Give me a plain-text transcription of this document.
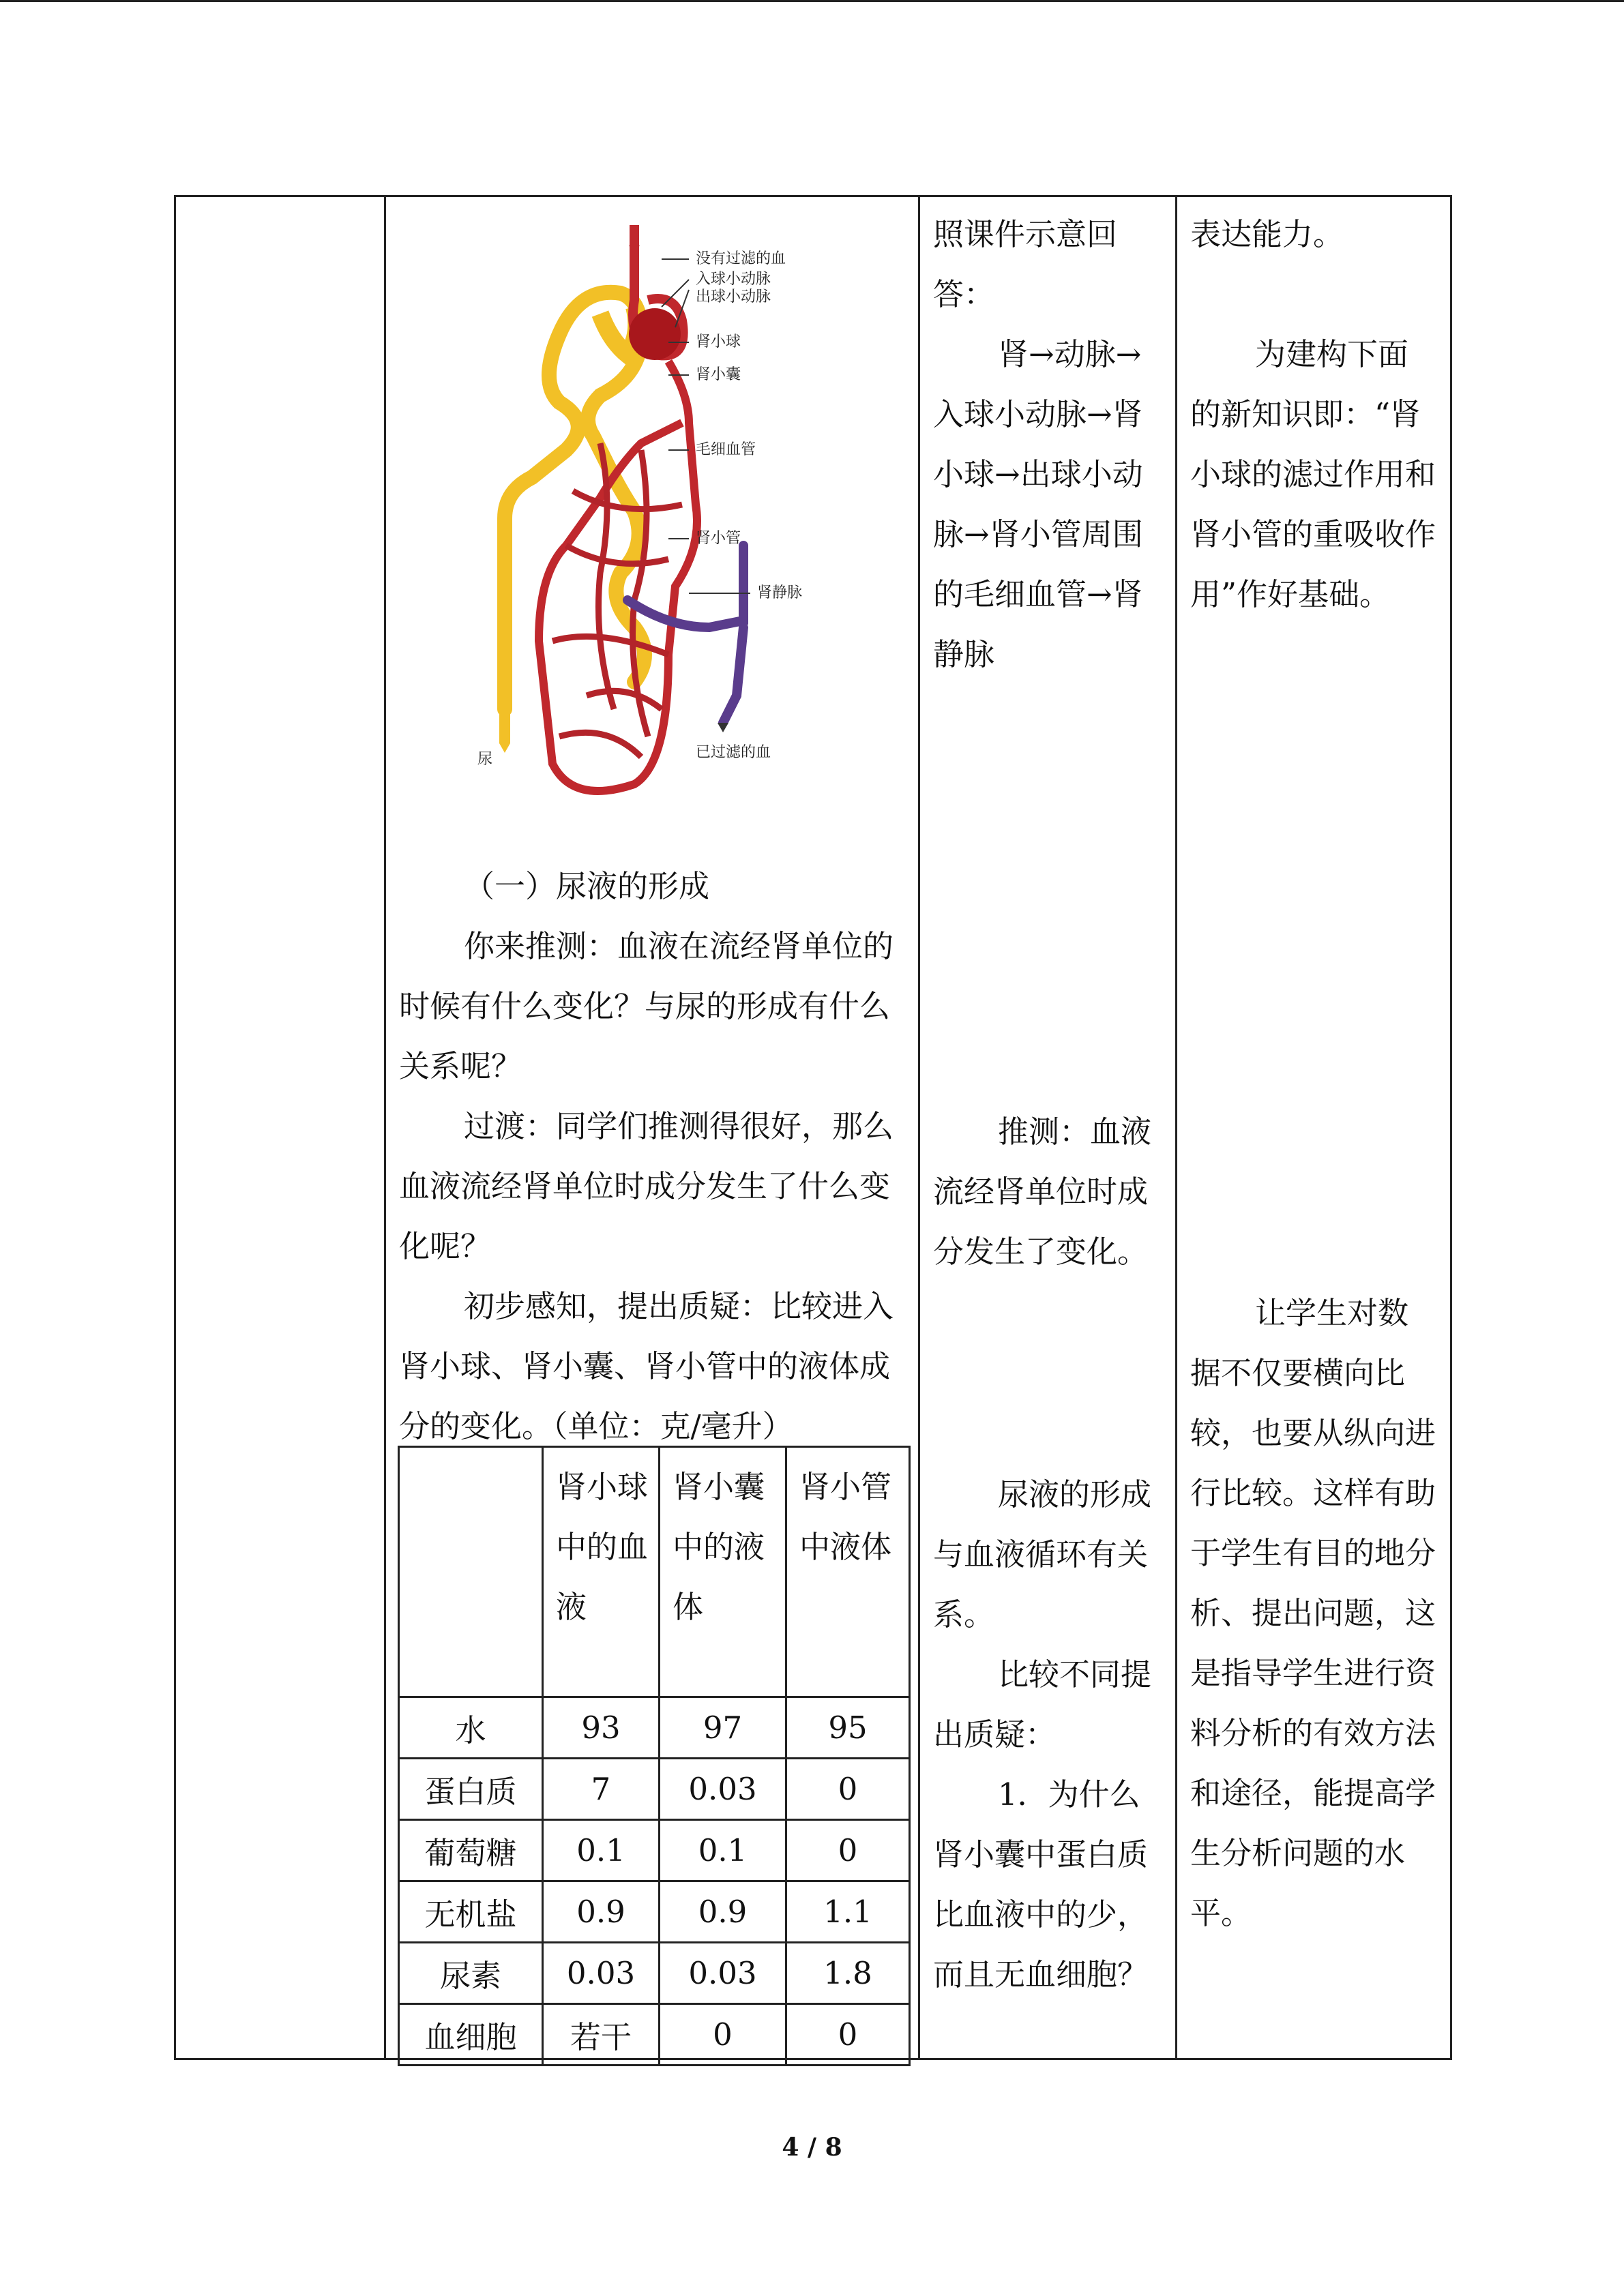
没有过滤的血
入球小动脉
出球小动脉
肾小球
肾小囊
毛细血管
肾小管
肾静脉
尿	已过滤的血

（一）尿液的形成

你来推测：血液在流经肾单位的时候有什么变化？与尿的形成有什么关系呢？

过渡：同学们推测得很好，那么血液流经肾单位时成分发生了什么变化呢？

初步感知，提出质疑：比较进入肾小球、肾小囊、肾小管中的液体成分的变化。（单位：克/毫升）

	肾小球中的血液	肾小囊中的液体	肾小管中液体
水	93	97	95
蛋白质	7	0.03	0
葡萄糖	0.1	0.1	0
无机盐	0.9	0.9	1.1
尿素	0.03	0.03	1.8
血细胞	若干	0	0

照课件示意回答：

肾→动脉→入球小动脉→肾小球→出球小动脉→肾小管周围的毛细血管→肾静脉

推测：血液流经肾单位时成分发生了变化。

尿液的形成与血液循环有关系。

比较不同提出质疑：

1．为什么肾小囊中蛋白质比血液中的少，而且无血细胞？

表达能力。

为建构下面的新知识即：“肾小球的滤过作用和肾小管的重吸收作用”作好基础。

让学生对数据不仅要横向比较，也要从纵向进行比较。这样有助于学生有目的地分析、提出问题，这是指导学生进行资料分析的有效方法和途径，能提高学生分析问题的水平。

4 / 8
